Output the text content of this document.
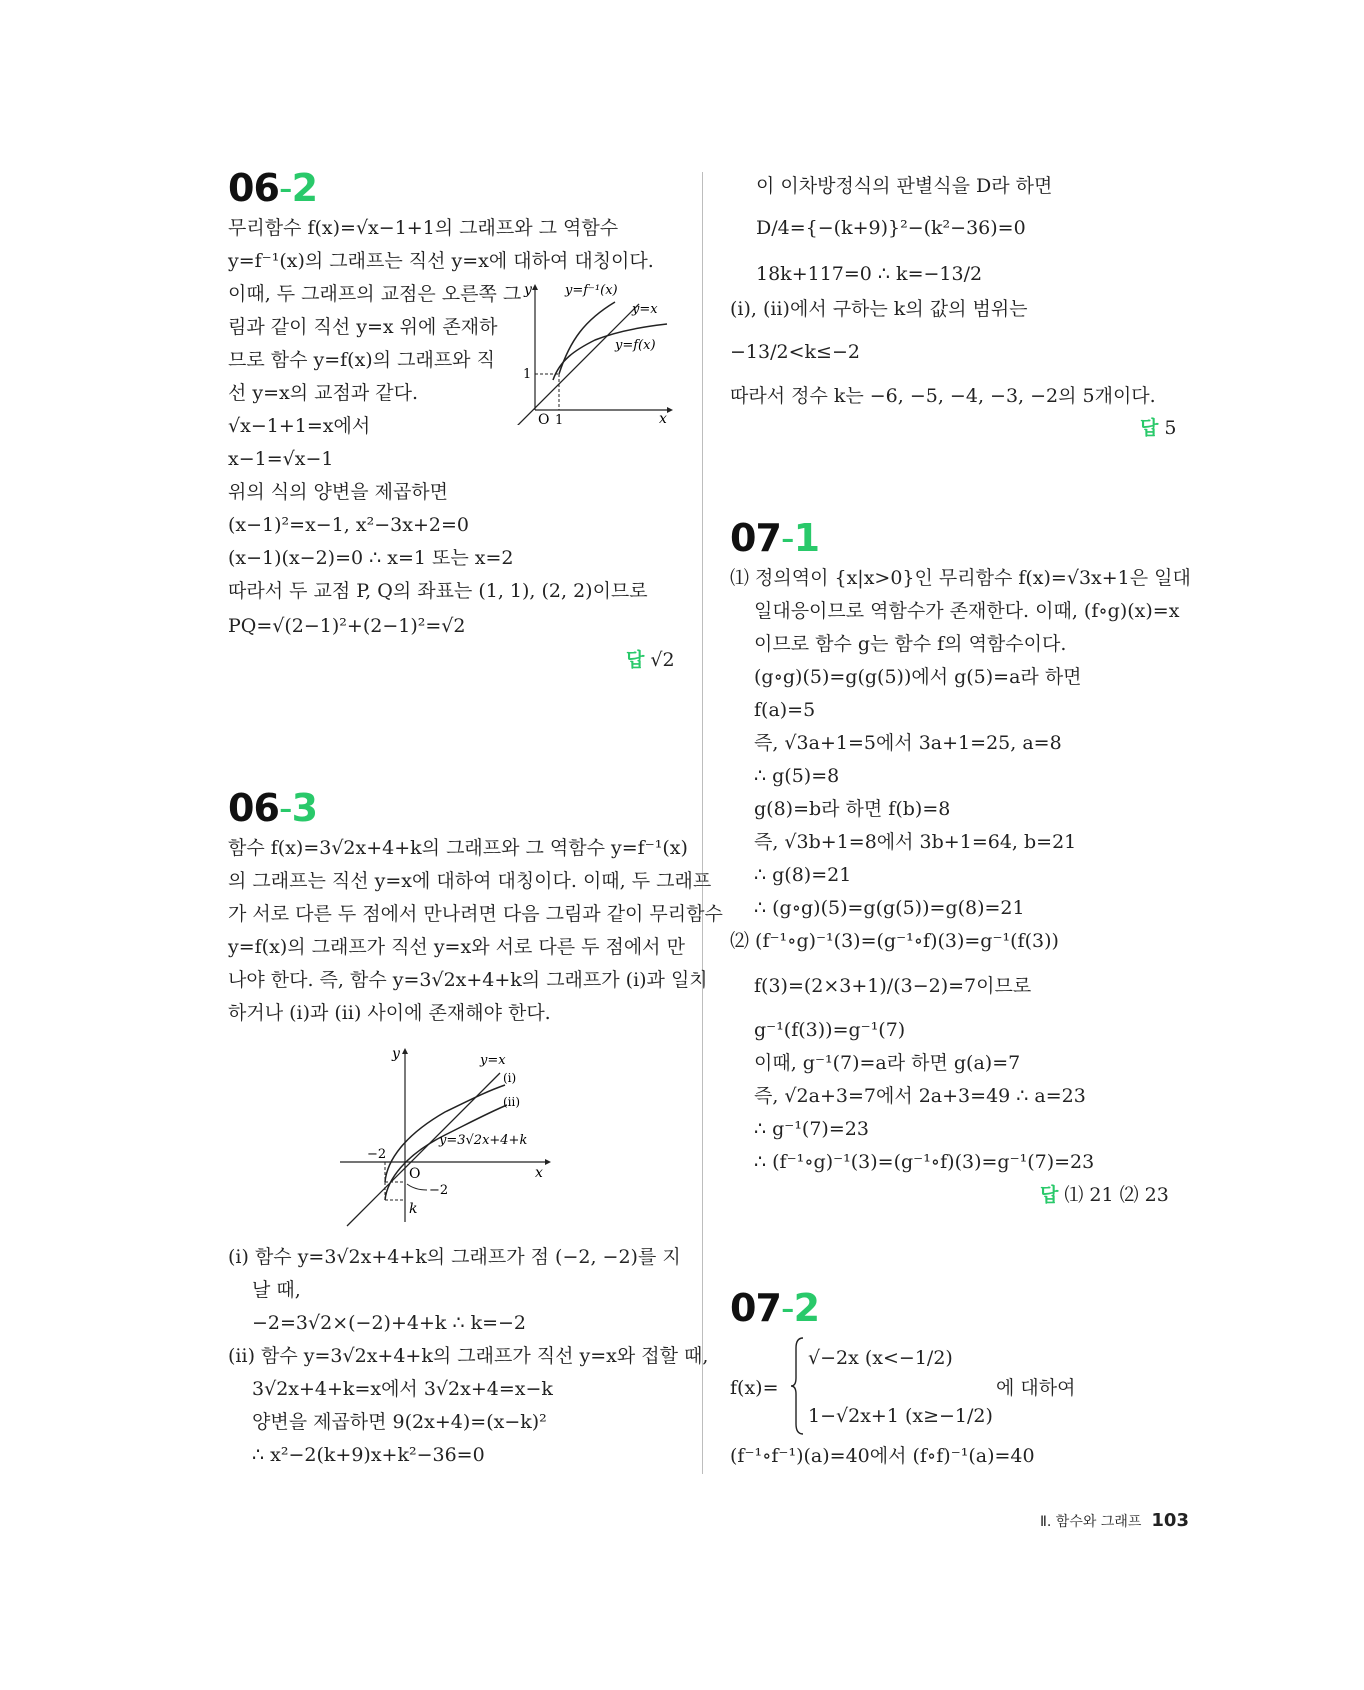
06-2
무리함수 f(x)=√x−1+1의 그래프와 그 역함수
y=f⁻¹(x)의 그래프는 직선 y=x에 대하여 대칭이다.
이때, 두 그래프의 교점은 오른쪽 그
림과 같이 직선 y=x 위에 존재하
므로 함수 y=f(x)의 그래프와 직
선 y=x의 교점과 같다.
√x−1+1=x에서
x−1=√x−1
위의 식의 양변을 제곱하면
(x−1)²=x−1, x²−3x+2=0
(x−1)(x−2)=0 ∴ x=1 또는 x=2
따라서 두 교점 P, Q의 좌표는 (1, 1), (2, 2)이므로
PQ=√(2−1)²+(2−1)²=√2
답 √2
y
x
O 1
1
y=f⁻¹(x)
y=x
y=f(x)
06-3
함수 f(x)=3√2x+4+k의 그래프와 그 역함수 y=f⁻¹(x)
의 그래프는 직선 y=x에 대하여 대칭이다. 이때, 두 그래프
가 서로 다른 두 점에서 만나려면 다음 그림과 같이 무리함수
y=f(x)의 그래프가 직선 y=x와 서로 다른 두 점에서 만
나야 한다. 즉, 함수 y=3√2x+4+k의 그래프가 (ⅰ)과 일치
하거나 (ⅰ)과 (ⅱ) 사이에 존재해야 한다.
y
x
O
y=x
(ⅰ)
(ⅱ)
y=3√2x+4+k
−2
−2
k
(ⅰ) 함수 y=3√2x+4+k의 그래프가 점 (−2, −2)를 지
날 때,
−2=3√2×(−2)+4+k ∴ k=−2
(ⅱ) 함수 y=3√2x+4+k의 그래프가 직선 y=x와 접할 때,
3√2x+4+k=x에서 3√2x+4=x−k
양변을 제곱하면 9(2x+4)=(x−k)²
∴ x²−2(k+9)x+k²−36=0
이 이차방정식의 판별식을 D라 하면
D/4={−(k+9)}²−(k²−36)=0
18k+117=0 ∴ k=−13/2
(ⅰ), (ⅱ)에서 구하는 k의 값의 범위는
−13/2<k≤−2
따라서 정수 k는 −6, −5, −4, −3, −2의 5개이다.
답 5
07-1
⑴ 정의역이 {x|x>0}인 무리함수 f(x)=√3x+1은 일대
일대응이므로 역함수가 존재한다. 이때, (f∘g)(x)=x
이므로 함수 g는 함수 f의 역함수이다.
(g∘g)(5)=g(g(5))에서 g(5)=a라 하면
f(a)=5
즉, √3a+1=5에서 3a+1=25, a=8
∴ g(5)=8
g(8)=b라 하면 f(b)=8
즉, √3b+1=8에서 3b+1=64, b=21
∴ g(8)=21
∴ (g∘g)(5)=g(g(5))=g(8)=21
⑵ (f⁻¹∘g)⁻¹(3)=(g⁻¹∘f)(3)=g⁻¹(f(3))
f(3)=(2×3+1)/(3−2)=7이므로
g⁻¹(f(3))=g⁻¹(7)
이때, g⁻¹(7)=a라 하면 g(a)=7
즉, √2a+3=7에서 2a+3=49 ∴ a=23
∴ g⁻¹(7)=23
∴ (f⁻¹∘g)⁻¹(3)=(g⁻¹∘f)(3)=g⁻¹(7)=23
답 ⑴ 21 ⑵ 23
07-2
f(x)=
√−2x (x<−1/2)
1−√2x+1 (x≥−1/2)
에 대하여
(f⁻¹∘f⁻¹)(a)=40에서 (f∘f)⁻¹(a)=40
Ⅱ. 함수와 그래프 103
